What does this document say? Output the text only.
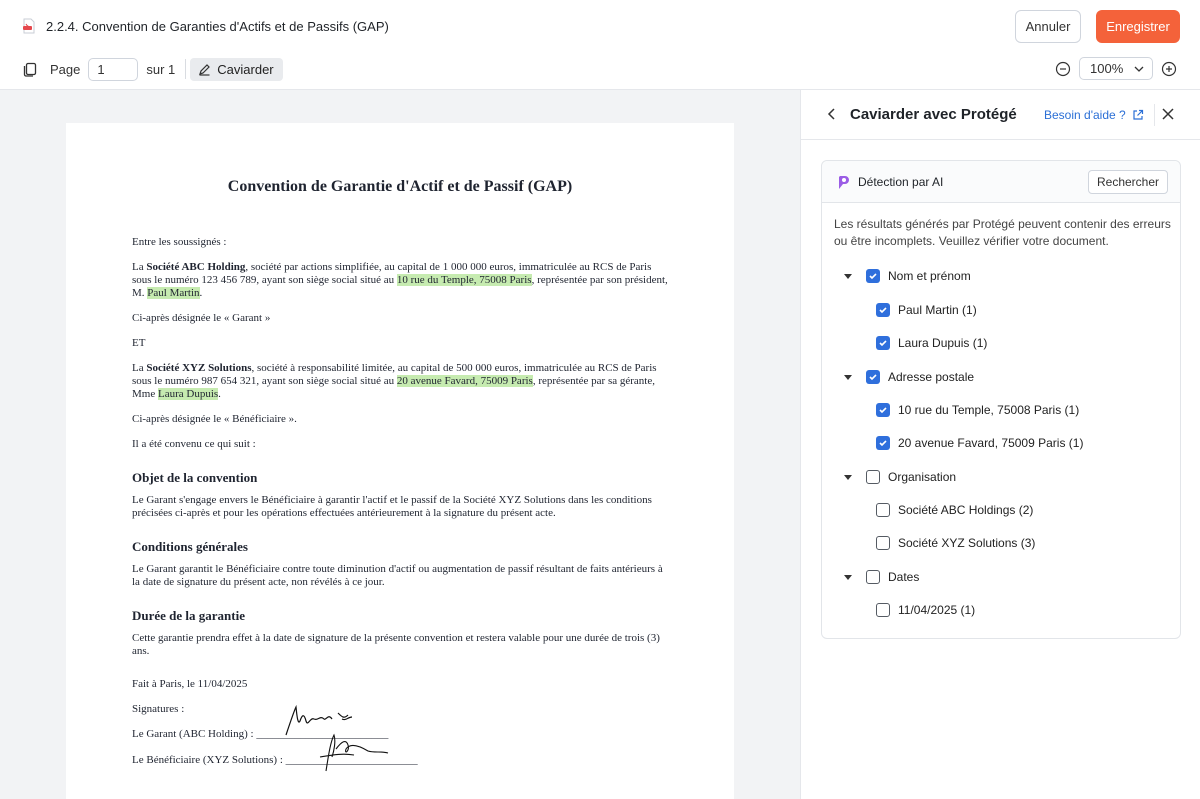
2.2.4. Convention de Garanties d'Actifs et de Passifs (GAP)	Annuler	Enregistrer
Page
1	sur 1	Caviarder	100%
Convention de Garantie d'Actif et de Passif (GAP)
Entre les soussignés :
La Société ABC Holding, société par actions simplifiée, au capital de 1 000 000 euros, immatriculée au RCS de Paris sous le numéro 123 456 789, ayant son siège social situé au 10 rue du Temple, 75008 Paris, représentée par son président, M. Paul Martin.
Ci-après désignée le « Garant »
ET
La Société XYZ Solutions, société à responsabilité limitée, au capital de 500 000 euros, immatriculée au RCS de Paris sous le numéro 987 654 321, ayant son siège social situé au 20 avenue Favard, 75009 Paris, représentée par sa gérante, Mme Laura Dupuis.
Ci-après désignée le « Bénéficiaire ».
Il a été convenu ce qui suit :
Objet de la convention
Le Garant s'engage envers le Bénéficiaire à garantir l'actif et le passif de la Société XYZ Solutions dans les conditions précisées ci-après et pour les opérations effectuées antérieurement à la signature du présent acte.
Conditions générales
Le Garant garantit le Bénéficiaire contre toute diminution d'actif ou augmentation de passif résultant de faits antérieurs à la date de signature du présent acte, non révélés à ce jour.
Durée de la garantie
Cette garantie prendra effet à la date de signature de la présente convention et restera valable pour une durée de trois (3) ans.
Fait à Paris, le 11/04/2025
Signatures :
Le Garant (ABC Holding) : ________________________
Le Bénéficiaire (XYZ Solutions) : ________________________
Caviarder avec Protégé Besoin d'aide ?
Détection par AI	Rechercher
Les résultats générés par Protégé peuvent contenir des erreurs ou être incomplets. Veuillez vérifier votre document.
Nom et prénom
Paul Martin (1)
Laura Dupuis (1)
Adresse postale
10 rue du Temple, 75008 Paris (1)
20 avenue Favard, 75009 Paris (1)
Organisation
Société ABC Holdings (2)
Société XYZ Solutions (3)
Dates
11/04/2025 (1)
